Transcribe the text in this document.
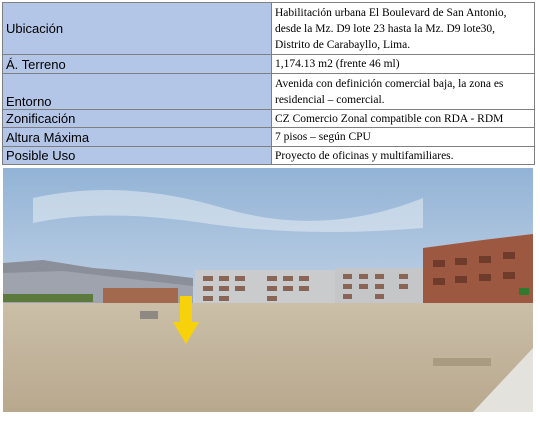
Ubicación	Habilitación urbana El Boulevard de San Antonio, desde la Mz. D9 lote 23 hasta la Mz. D9 lote30, Distrito de Carabayllo, Lima.
Á. Terreno	1,174.13 m2 (frente 46 ml)
Entorno	Avenida con definición comercial baja, la zona es residencial – comercial.
Zonificación	CZ Comercio Zonal compatible con RDA - RDM
Altura Máxima	7 pisos – según CPU
Posible Uso	Proyecto de oficinas y multifamiliares.
